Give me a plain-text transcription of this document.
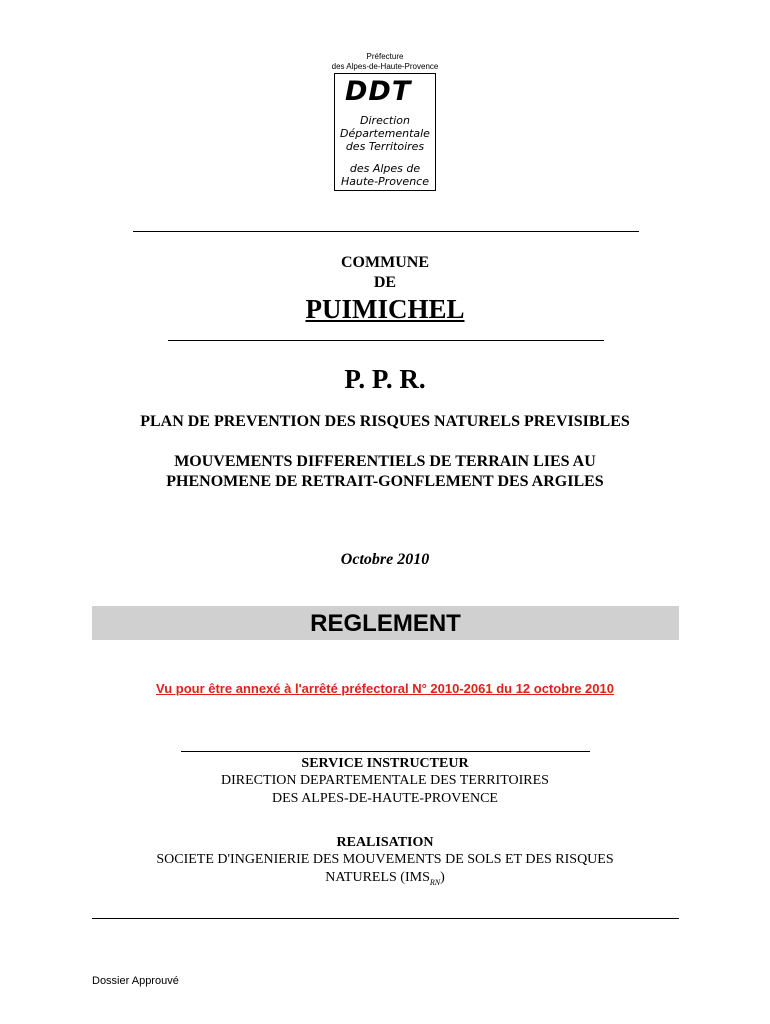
Préfecture
des Alpes-de-Haute-Provence
DDT
Direction
Départementale
des Territoires
des Alpes de
Haute-Provence
COMMUNE
DE
PUIMICHEL
P. P. R.
PLAN DE PREVENTION DES RISQUES NATURELS PREVISIBLES
MOUVEMENTS DIFFERENTIELS DE TERRAIN LIES AU
PHENOMENE DE RETRAIT-GONFLEMENT DES ARGILES
Octobre 2010
REGLEMENT
Vu pour être annexé à l'arrêté préfectoral N° 2010-2061 du 12 octobre 2010
SERVICE INSTRUCTEUR
DIRECTION DEPARTEMENTALE DES TERRITOIRES
DES ALPES-DE-HAUTE-PROVENCE
REALISATION
SOCIETE D'INGENIERIE DES MOUVEMENTS DE SOLS ET DES RISQUES
NATURELS $(IMS_{RN})$
Dossier Approuvé
